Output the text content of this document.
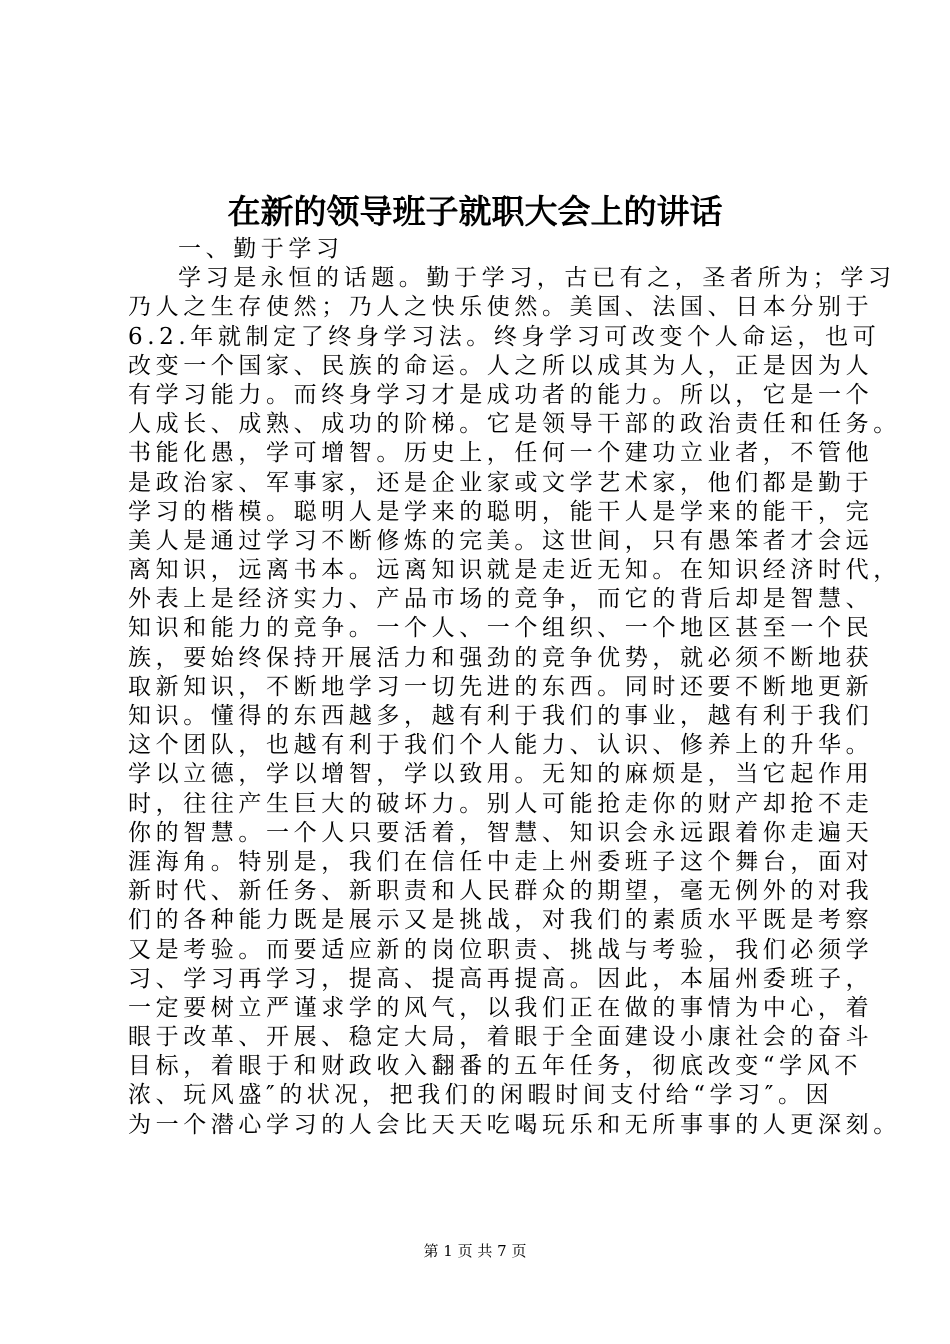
在新的领导班子就职大会上的讲话
一、勤于学习
学习是永恒的话题。勤于学习，古已有之，圣者所为；学习
乃人之生存使然；乃人之快乐使然。美国、法国、日本分别于
6.2.年就制定了终身学习法。终身学习可改变个人命运，也可
改变一个国家、民族的命运。人之所以成其为人，正是因为人
有学习能力。而终身学习才是成功者的能力。所以，它是一个
人成长、成熟、成功的阶梯。它是领导干部的政治责任和任务。
书能化愚，学可增智。历史上，任何一个建功立业者，不管他
是政治家、军事家，还是企业家或文学艺术家，他们都是勤于
学习的楷模。聪明人是学来的聪明，能干人是学来的能干，完
美人是通过学习不断修炼的完美。这世间，只有愚笨者才会远
离知识，远离书本。远离知识就是走近无知。在知识经济时代，
外表上是经济实力、产品市场的竞争，而它的背后却是智慧、
知识和能力的竞争。一个人、一个组织、一个地区甚至一个民
族，要始终保持开展活力和强劲的竞争优势，就必须不断地获
取新知识，不断地学习一切先进的东西。同时还要不断地更新
知识。懂得的东西越多，越有利于我们的事业，越有利于我们
这个团队，也越有利于我们个人能力、认识、修养上的升华。
学以立德，学以增智，学以致用。无知的麻烦是，当它起作用
时，往往产生巨大的破坏力。别人可能抢走你的财产却抢不走
你的智慧。一个人只要活着，智慧、知识会永远跟着你走遍天
涯海角。特别是，我们在信任中走上州委班子这个舞台，面对
新时代、新任务、新职责和人民群众的期望，毫无例外的对我
们的各种能力既是展示又是挑战，对我们的素质水平既是考察
又是考验。而要适应新的岗位职责、挑战与考验，我们必须学
习、学习再学习，提高、提高再提高。因此，本届州委班子，
一定要树立严谨求学的风气，以我们正在做的事情为中心，着
眼于改革、开展、稳定大局，着眼于全面建设小康社会的奋斗
目标，着眼于和财政收入翻番的五年任务，彻底改变“学风不
浓、玩风盛″的状况，把我们的闲暇时间支付给“学习″。因
为一个潜心学习的人会比天天吃喝玩乐和无所事事的人更深刻。
第 1 页 共 7 页
